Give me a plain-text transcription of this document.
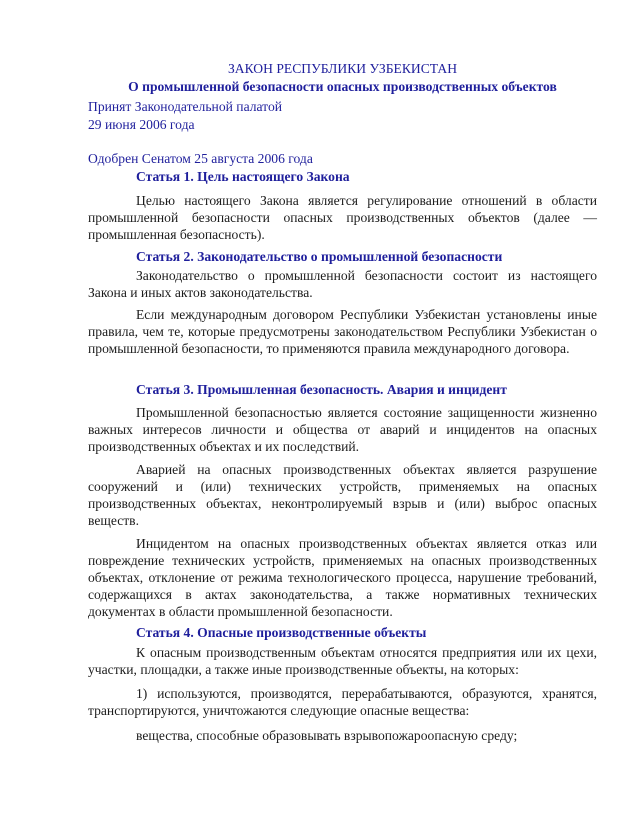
ЗАКОН РЕСПУБЛИКИ УЗБЕКИСТАН
О промышленной безопасности опасных производственных объектов
Принят Законодательной палатой
29 июня 2006 года
Одобрен Сенатом 25 августа 2006 года
Статья 1. Цель настоящего Закона
Целью настоящего Закона является регулирование отношений в области промышленной безопасности опасных производственных объектов (далее — промышленная безопасность).
Статья 2. Законодательство о промышленной безопасности
Законодательство о промышленной безопасности состоит из настоящего Закона и иных актов законодательства.
Если международным договором Республики Узбекистан установлены иные правила, чем те, которые предусмотрены законодательством Республики Узбекистан о промышленной безопасности, то применяются правила международного договора.
Статья 3. Промышленная безопасность. Авария и инцидент
Промышленной безопасностью является состояние защищенности жизненно важных интересов личности и общества от аварий и инцидентов на опасных производственных объектах и их последствий.
Аварией на опасных производственных объектах является разрушение сооружений и (или) технических устройств, применяемых на опасных производственных объектах, неконтролируемый взрыв и (или) выброс опасных веществ.
Инцидентом на опасных производственных объектах является отказ или повреждение технических устройств, применяемых на опасных производственных объектах, отклонение от режима технологического процесса, нарушение требований, содержащихся в актах законодательства, а также нормативных технических документах в области промышленной безопасности.
Статья 4. Опасные производственные объекты
К опасным производственным объектам относятся предприятия или их цехи, участки, площадки, а также иные производственные объекты, на которых:
1) используются, производятся, перерабатываются, образуются, хранятся, транспортируются, уничтожаются следующие опасные вещества:
вещества, способные образовывать взрывопожароопасную среду;
